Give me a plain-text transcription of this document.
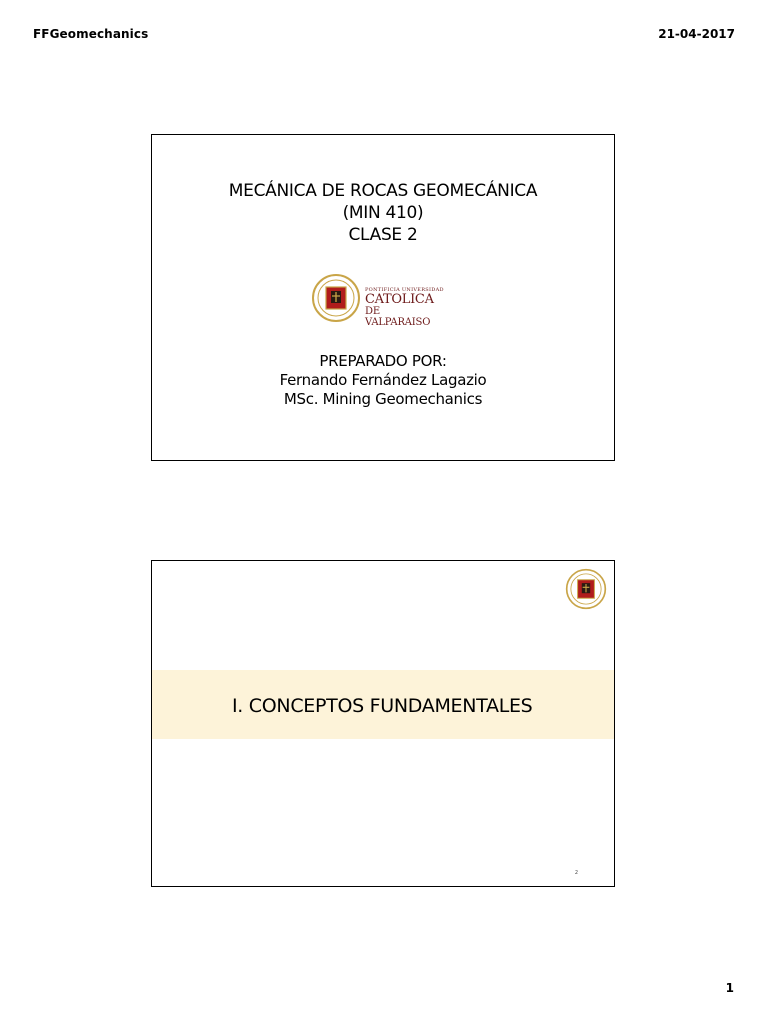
FFGeomechanics	21-04-2017
MECÁNICA DE ROCAS GEOMECÁNICA
(MIN 410)
CLASE 2
PONTIFICIA UNIVERSIDAD
CATOLICA
DE VALPARAISO
PREPARADO POR:
Fernando Fernández Lagazio
MSc. Mining Geomechanics
I. CONCEPTOS FUNDAMENTALES
2
1
